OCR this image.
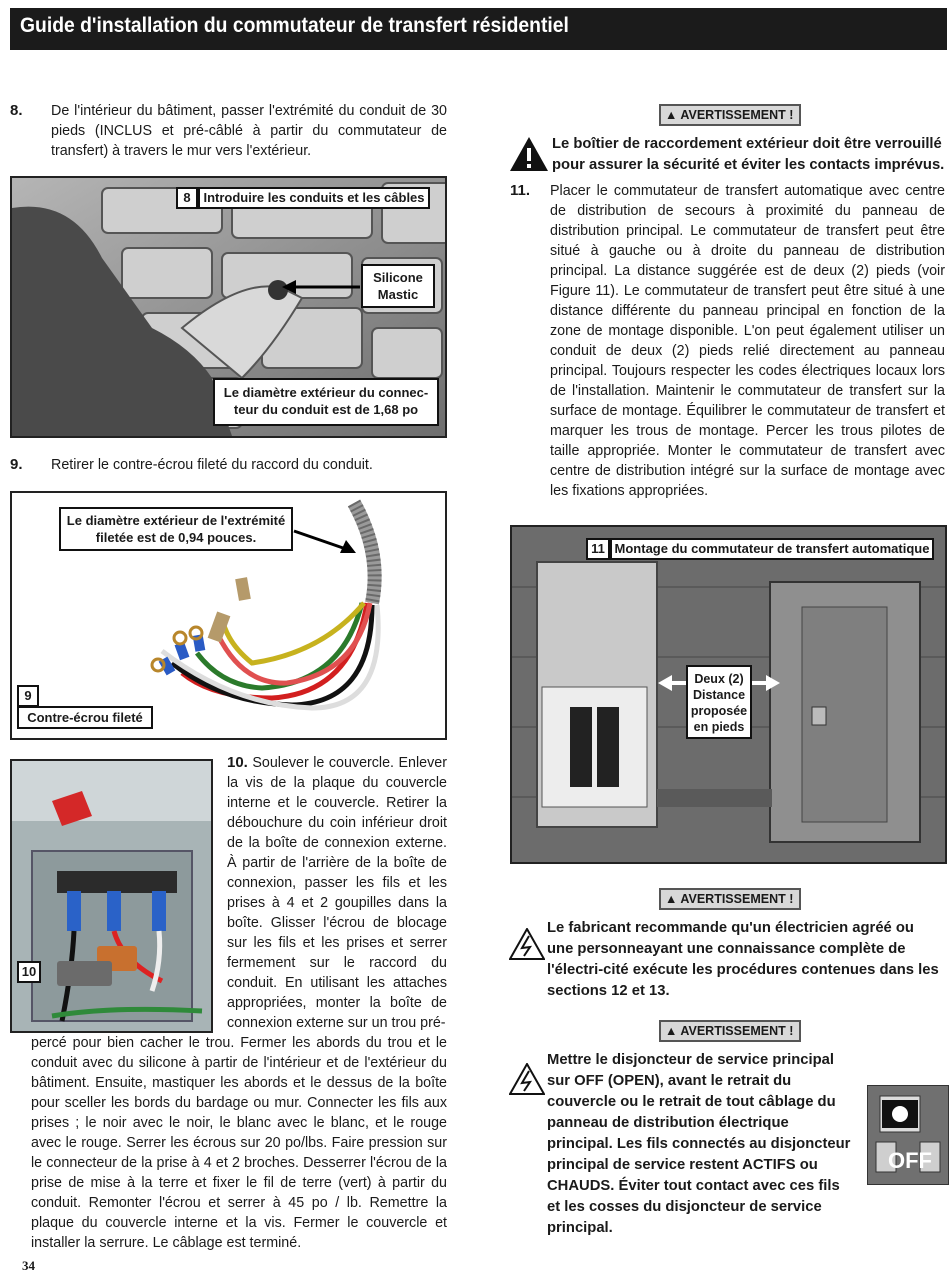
Guide d'installation du commutateur de transfert résidentiel
8. De l'intérieur du bâtiment, passer l'extrémité du conduit de 30 pieds (INCLUS et pré-câblé à partir du commutateur de transfert) à travers le mur vers l'extérieur.
8 Introduire les conduits et les câbles
Silicone Mastic
Le diamètre extérieur du connec-teur du conduit est de 1,68 po
9. Retirer le contre-écrou fileté du raccord du conduit.
Le diamètre extérieur de l'extrémité filetée est de 0,94 pouces.
9
Contre-écrou fileté
10
10. Soulever le couvercle. Enlever la vis de la plaque du couvercle interne et le couvercle. Retirer la débouchure du coin inférieur droit de la boîte de connexion externe. À partir de l'arrière de la boîte de connexion, passer les fils et les prises à 4 et 2 goupilles dans la boîte. Glisser l'écrou de blocage sur les fils et les prises et serrer fermement sur le raccord du conduit. En utilisant les attaches appropriées, monter la boîte de connexion externe sur un trou pré-
percé pour bien cacher le trou. Fermer les abords du trou et le conduit avec du silicone à partir de l'intérieur et de l'extérieur du bâtiment. Ensuite, mastiquer les abords et le dessus de la boîte pour sceller les bords du bardage ou mur. Connecter les fils aux prises ; le noir avec le noir, le blanc avec le blanc, et le rouge avec le rouge. Serrer les écrous sur 20 po/lbs. Faire pression sur le connecteur de la prise à 4 et 2 broches. Desserrer l'écrou de la prise de mise à la terre et fixer le fil de terre (vert) à partir du conduit. Remonter l'écrou et serrer à 45 po / lb. Remettre la plaque du couvercle interne et la vis. Fermer le couvercle et installer la serrure. Le câblage est terminé.
34
▲ AVERTISSEMENT !
Le boîtier de raccordement extérieur doit être verrouillé pour assurer la sécurité et éviter les contacts imprévus.
11. Placer le commutateur de transfert automatique avec centre de distribution de secours à proximité du panneau de distribution principal. Le commutateur de transfert peut être situé à gauche ou à droite du panneau de distribution principal. La distance suggérée est de deux (2) pieds (voir Figure 11). Le commutateur de transfert peut être situé à une distance différente du panneau principal en fonction de la zone de montage disponible. L'on peut également utiliser un conduit de deux (2) pieds relié directement au panneau principal. Toujours respecter les codes électriques locaux lors de l'installation. Maintenir le commutateur de transfert sur la surface de montage. Équilibrer le commutateur de transfert et marquer les trous de montage. Percer les trous pilotes de taille appropriée. Monter le commutateur de transfert avec centre de distribution intégré sur la surface de montage avec les fixations appropriées.
11 Montage du commutateur de transfert automatique
Deux (2) Distance proposée en pieds
▲ AVERTISSEMENT !
Le fabricant recommande qu'un électricien agréé ou une personneayant une connaissance complète de l'électri-cité exécute les procédures contenues dans les sections 12 et 13.
▲ AVERTISSEMENT !
Mettre le disjoncteur de service principal sur OFF (OPEN), avant le retrait du couvercle ou le retrait de tout câblage du panneau de distribution électrique principal. Les fils connectés au disjoncteur principal de service restent ACTIFS ou CHAUDS. Éviter tout contact avec ces fils et les cosses du disjoncteur de service principal.
OFF
